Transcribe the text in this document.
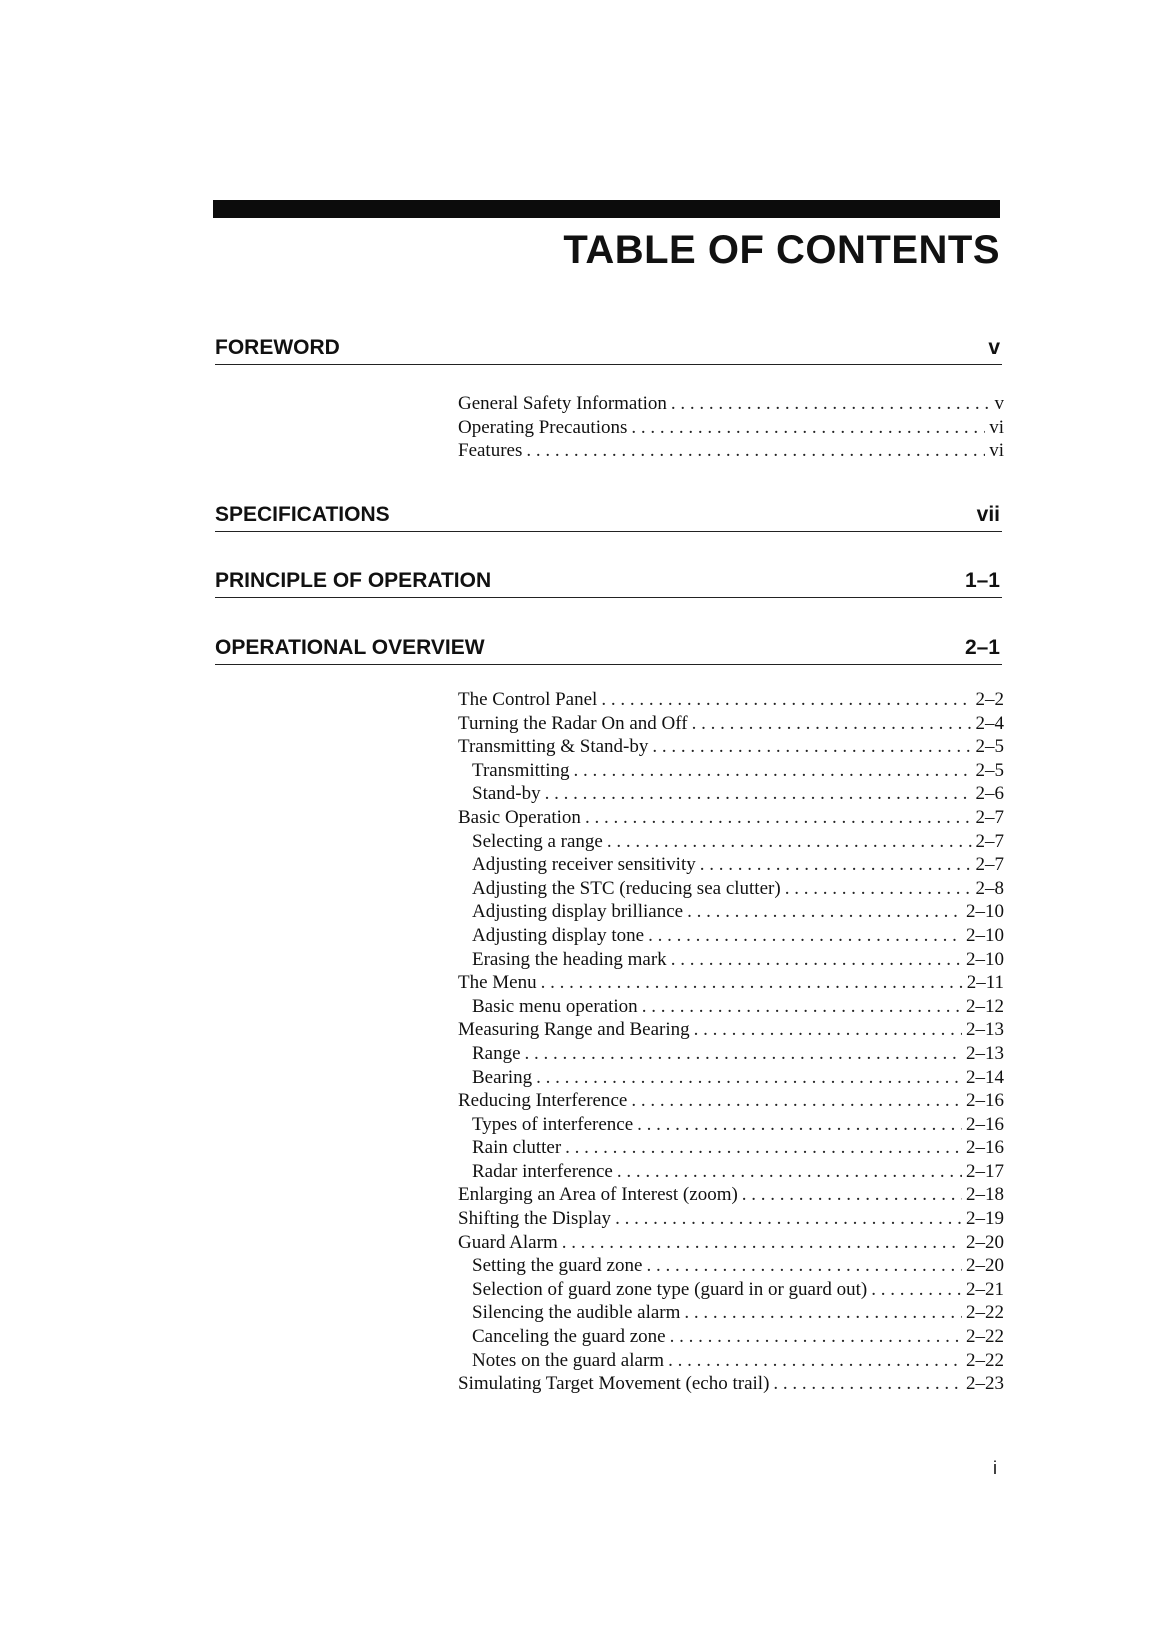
TABLE OF CONTENTS
FOREWORD	v
General Safety Information . . .	v
Operating Precautions . . .	vi
Features . . .	vi
SPECIFICATIONS	vii
PRINCIPLE OF OPERATION	1–1
OPERATIONAL OVERVIEW	2–1
The Control Panel . . .	2–2
Turning the Radar On and Off . . .	2–4
Transmitting & Stand-by . . .	2–5
Transmitting . . .	2–5
Stand-by . . .	2–6
Basic Operation . . .	2–7
Selecting a range . . .	2–7
Adjusting receiver sensitivity . . .	2–7
Adjusting the STC (reducing sea clutter) . . .	2–8
Adjusting display brilliance . . .	2–10
Adjusting display tone . . .	2–10
Erasing the heading mark . . .	2–10
The Menu . . .	2–11
Basic menu operation . . .	2–12
Measuring Range and Bearing . . .	2–13
Range . . .	2–13
Bearing . . .	2–14
Reducing Interference . . .	2–16
Types of interference . . .	2–16
Rain clutter . . .	2–16
Radar interference . . .	2–17
Enlarging an Area of Interest (zoom) . . .	2–18
Shifting the Display . . .	2–19
Guard Alarm . . .	2–20
Setting the guard zone . . .	2–20
Selection of guard zone type (guard in or guard out) . . .	2–21
Silencing the audible alarm . . .	2–22
Canceling the guard zone . . .	2–22
Notes on the guard alarm . . .	2–22
Simulating Target Movement (echo trail) . . .	2–23
i
